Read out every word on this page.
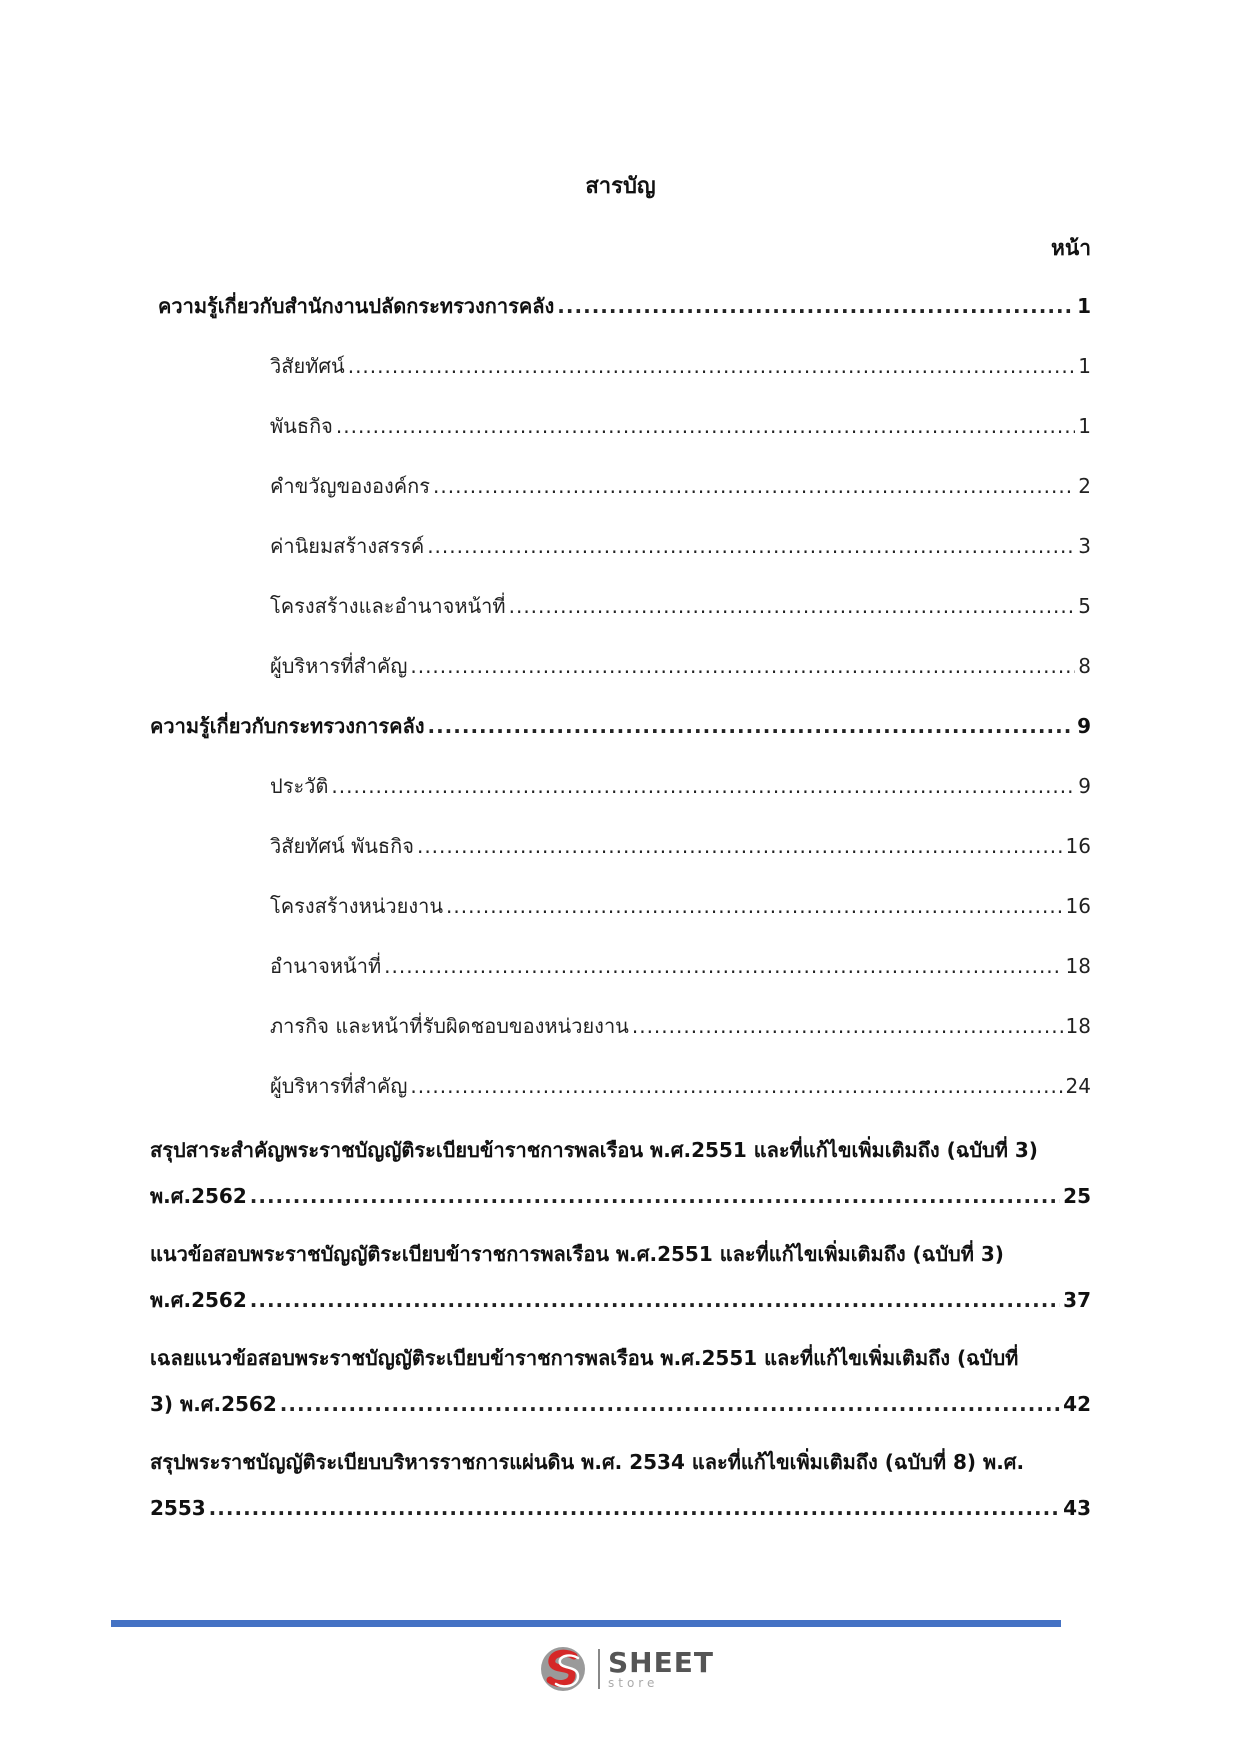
สารบัญ
หน้า
ความรู้เกี่ยวกับสำนักงานปลัดกระทรวงการคลัง .....	1
วิสัยทัศน์ .....	1
พันธกิจ .....	1
คำขวัญขององค์กร .....	2
ค่านิยมสร้างสรรค์ .....	3
โครงสร้างและอำนาจหน้าที่ .....	5
ผู้บริหารที่สำคัญ .....	8
ความรู้เกี่ยวกับกระทรวงการคลัง .....	9
ประวัติ .....	9
วิสัยทัศน์ พันธกิจ .....	16
โครงสร้างหน่วยงาน .....	16
อำนาจหน้าที่ .....	18
ภารกิจ และหน้าที่รับผิดชอบของหน่วยงาน .....	18
ผู้บริหารที่สำคัญ .....	24
สรุปสาระสำคัญพระราชบัญญัติระเบียบข้าราชการพลเรือน พ.ศ.2551 และที่แก้ไขเพิ่มเติมถึง (ฉบับที่ 3)
พ.ศ.2562 .....	25
แนวข้อสอบพระราชบัญญัติระเบียบข้าราชการพลเรือน พ.ศ.2551 และที่แก้ไขเพิ่มเติมถึง (ฉบับที่ 3)
พ.ศ.2562 .....	37
เฉลยแนวข้อสอบพระราชบัญญัติระเบียบข้าราชการพลเรือน พ.ศ.2551 และที่แก้ไขเพิ่มเติมถึง (ฉบับที่
3) พ.ศ.2562 .....	42
สรุปพระราชบัญญัติระเบียบบริหารราชการแผ่นดิน พ.ศ. 2534 และที่แก้ไขเพิ่มเติมถึง (ฉบับที่ 8) พ.ศ.
2553 .....	43
SHEET
store
